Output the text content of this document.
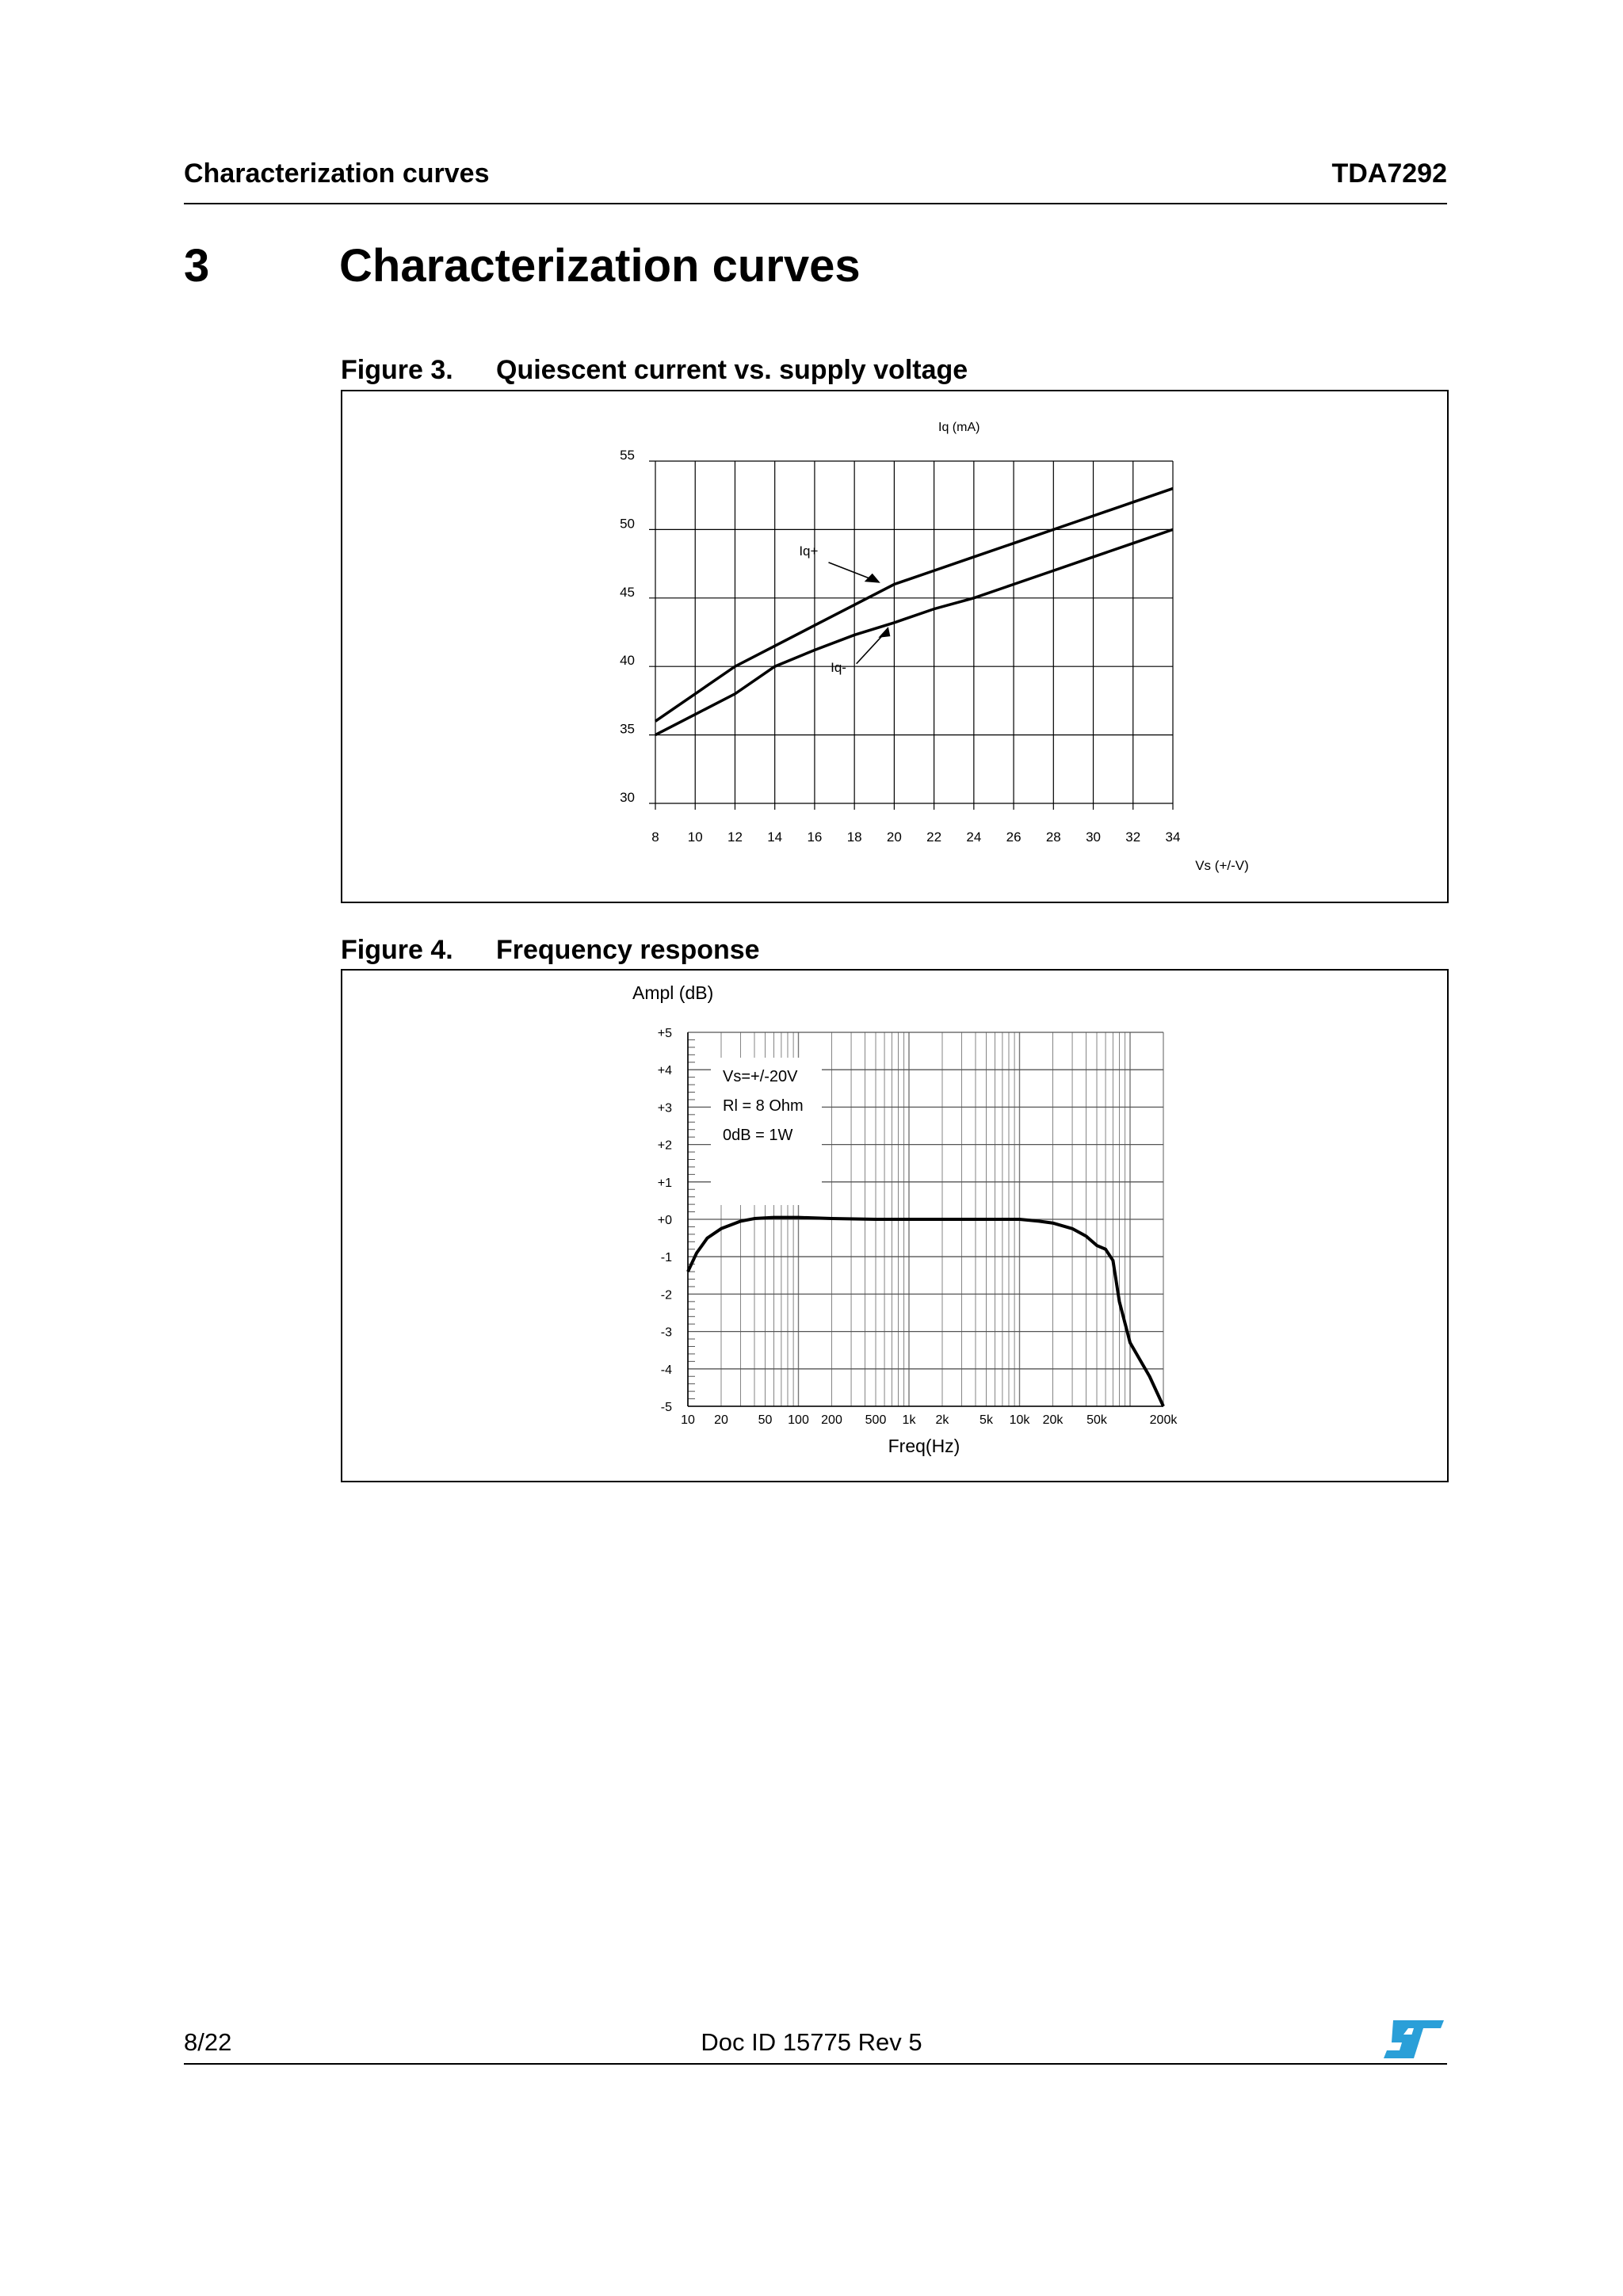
Characterization curves	TDA7292
3	Characterization curves
Figure 3. Quiescent current vs. supply voltage
Iq (mA)
Vs (+/-V)
8 10 12 14 16 18 20 22 24 26 28 30 32 34
30
35
40
45
50
55
Iq+
Iq-
Figure 4. Frequency response
Ampl (dB)
Freq(Hz)
+5
+4
+3
+2
+1
+0
-1
-2
-3
-4
-5
10 20 50 100 200 500 1k 2k 5k 10k 20k 50k	200k
Vs=+/-20V
Rl = 8 Ohm
0dB = 1W
8/22	Doc ID 15775 Rev 5
